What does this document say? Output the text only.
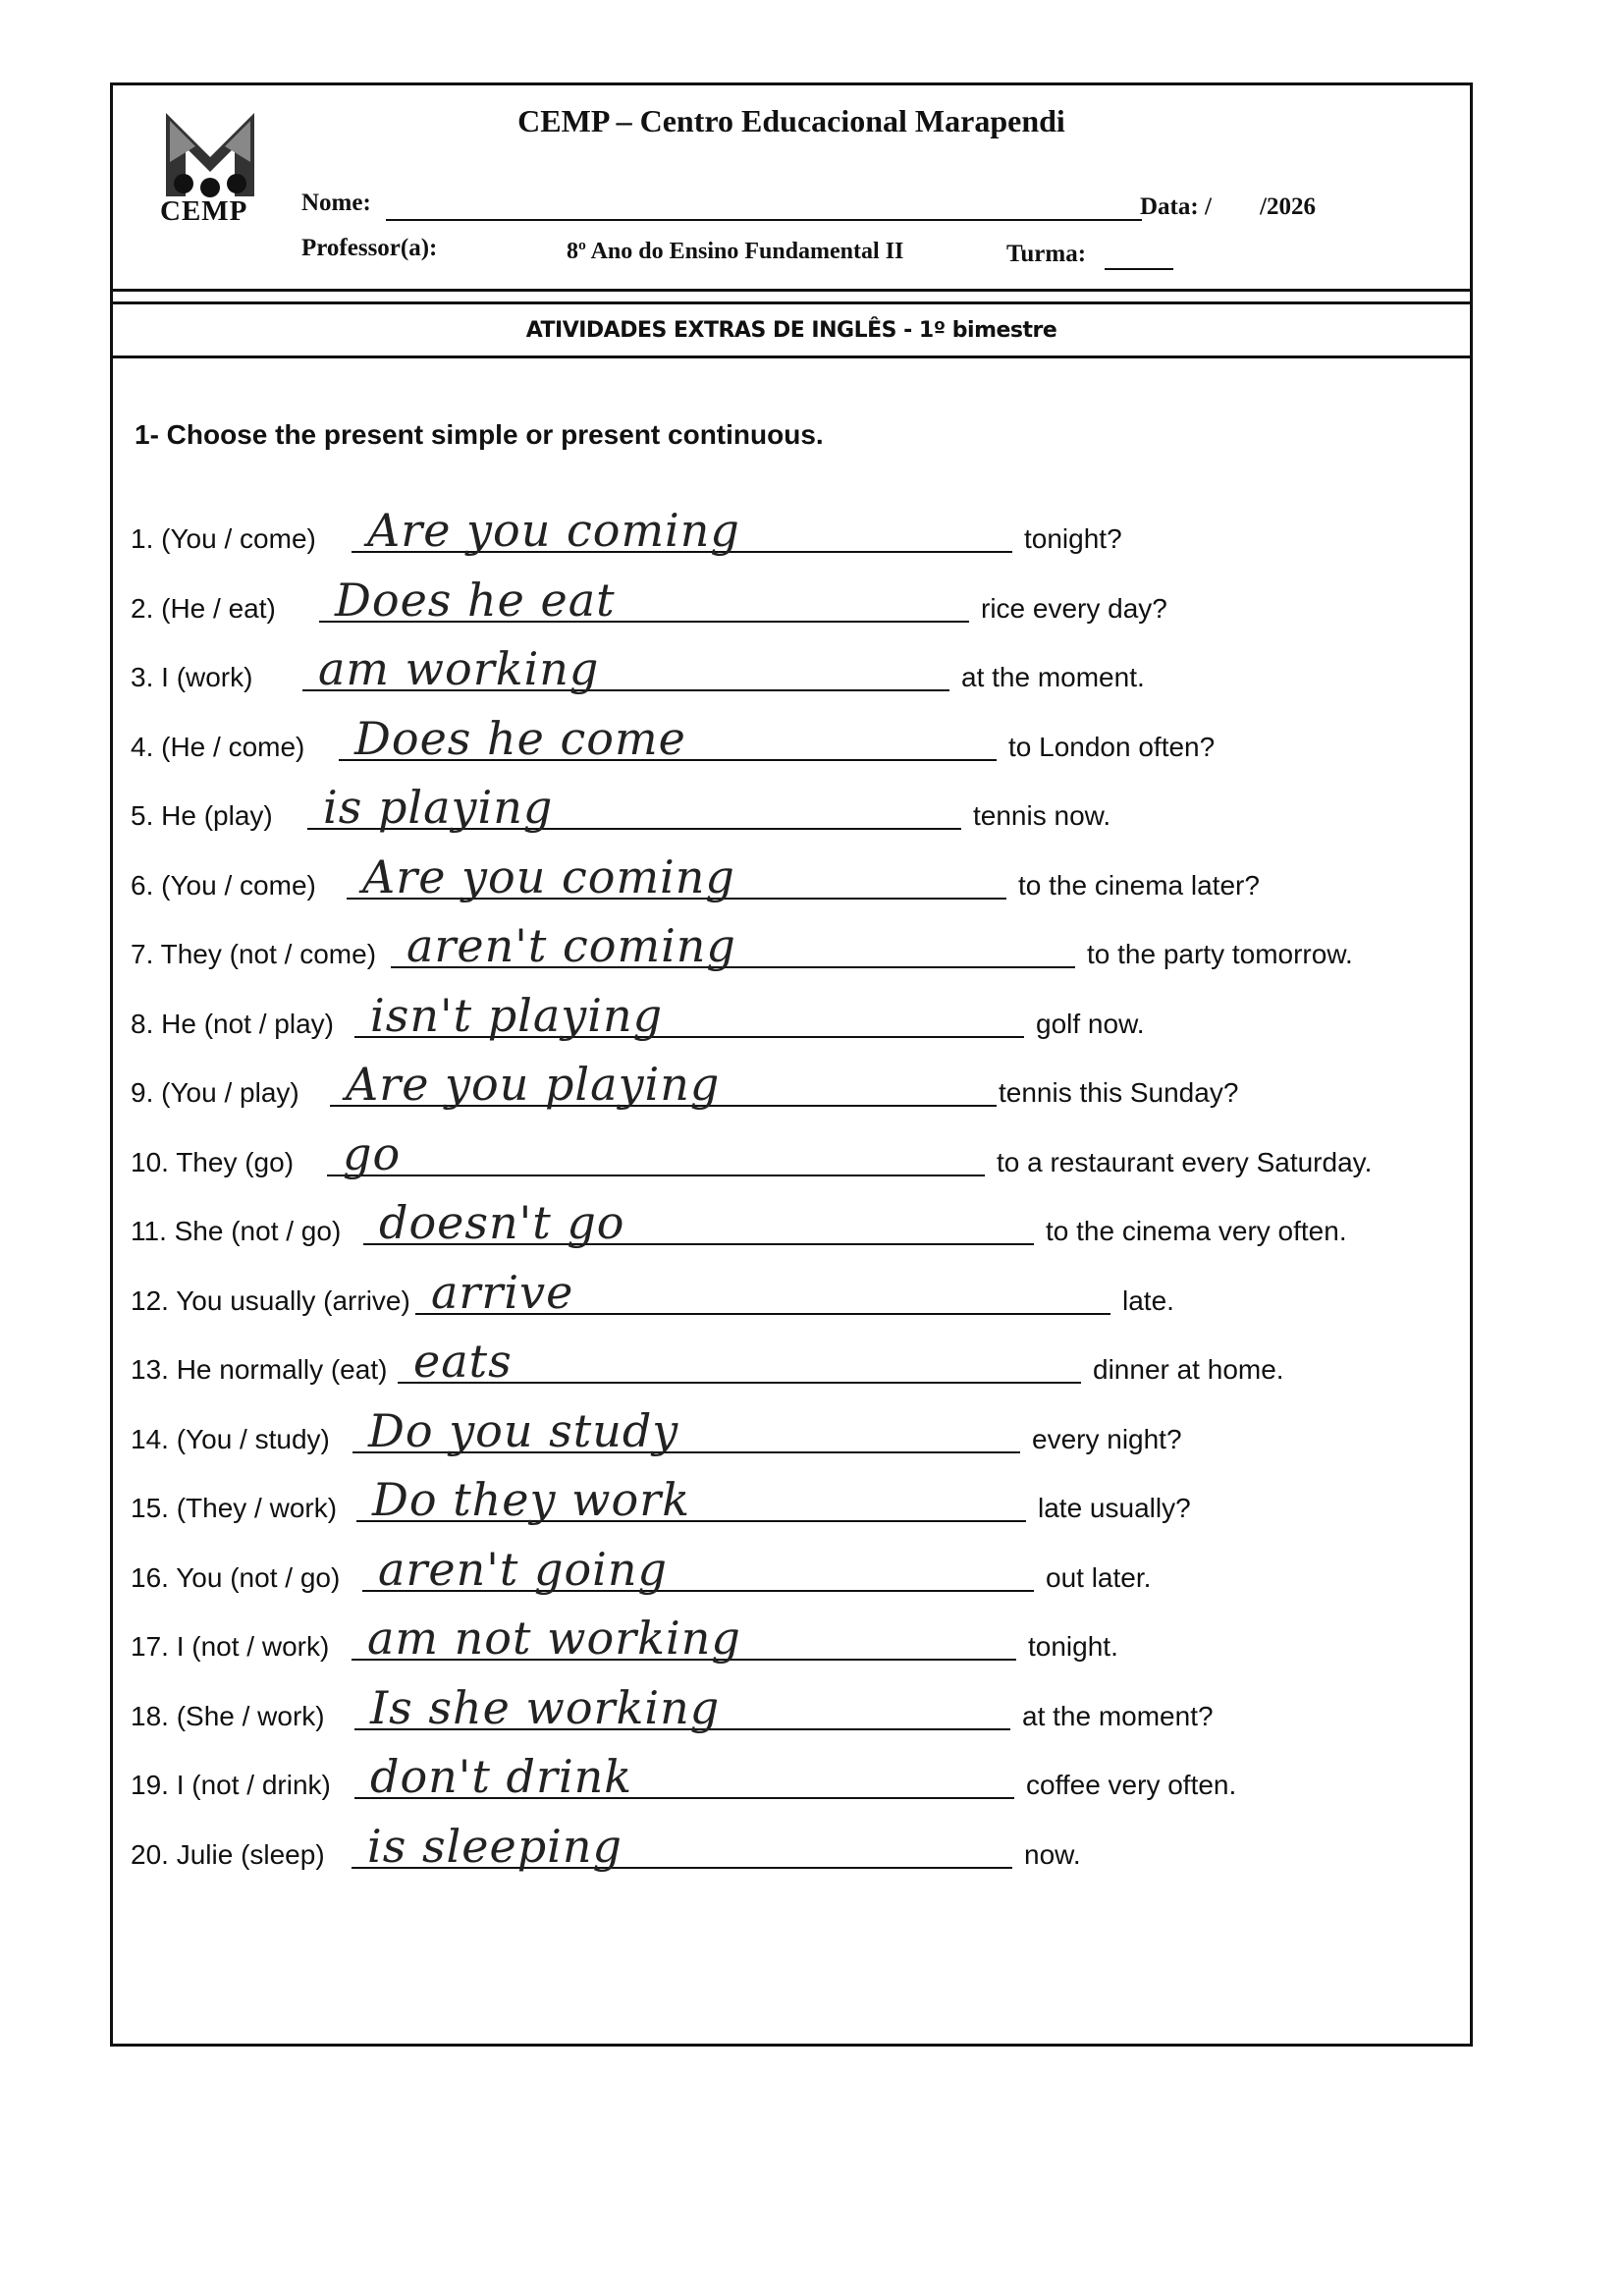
CEMP
CEMP – Centro Educacional Marapendi
Nome:	Data: / /2026
Professor(a):	8º Ano do Ensino Fundamental II	Turma:
ATIVIDADES EXTRAS DE INGLÊS - 1º bimestre
1- Choose the present simple or present continuous.
1. (You / come) Are you coming	tonight?
2. (He / eat) Does he eat	rice every day?
3. I (work) am working	at the moment.
4. (He / come) Does he come	to London often?
5. He (play) is playing	tennis now.
6. (You / come) Are you coming	to the cinema later?
7. They (not / come) aren't coming	to the party tomorrow.
8. He (not / play) isn't playing	golf now.
9. (You / play) Are you playing	tennis this Sunday?
10. They (go) go	to a restaurant every Saturday.
11. She (not / go) doesn't go	to the cinema very often.
12. You usually (arrive) arrive	late.
13. He normally (eat) eats	dinner at home.
14. (You / study) Do you study	every night?
15. (They / work) Do they work	late usually?
16. You (not / go) aren't going	out later.
17. I (not / work) am not working	tonight.
18. (She / work) Is she working	at the moment?
19. I (not / drink) don't drink	coffee very often.
20. Julie (sleep) is sleeping	now.
